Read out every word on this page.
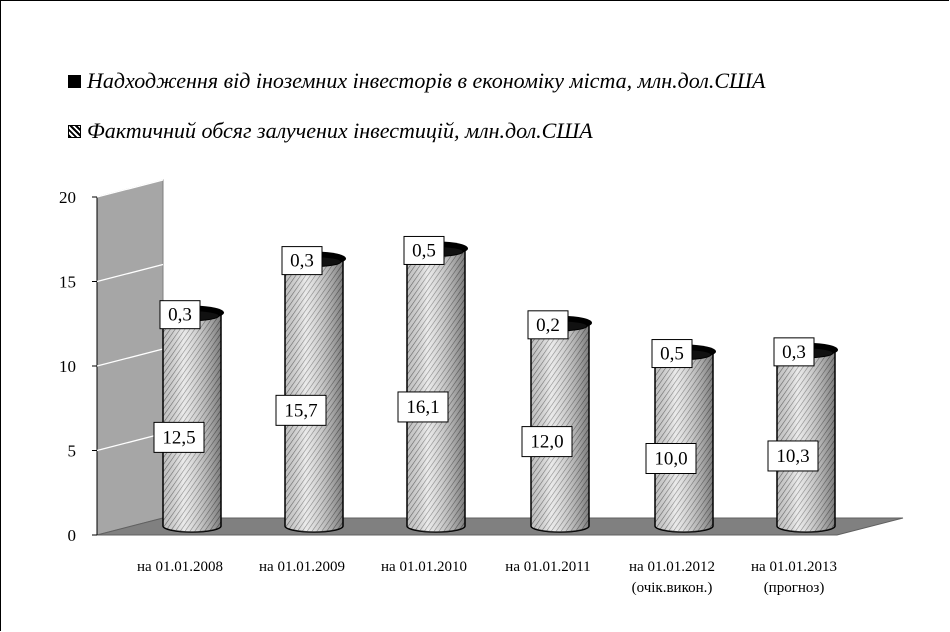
Надходження від іноземних інвесторів в економіку міста, млн.дол.США
Фактичний обсяг залучених інвестицій, млн.дол.США
0
5
10
15
20
0,3
12,5
на 01.01.2008
0,3
15,7
на 01.01.2009
0,5
16,1
на 01.01.2010
0,2
12,0
на 01.01.2011
0,5
10,0
на 01.01.2012
(очік.викон.)
0,3
10,3
на 01.01.2013
(прогноз)
